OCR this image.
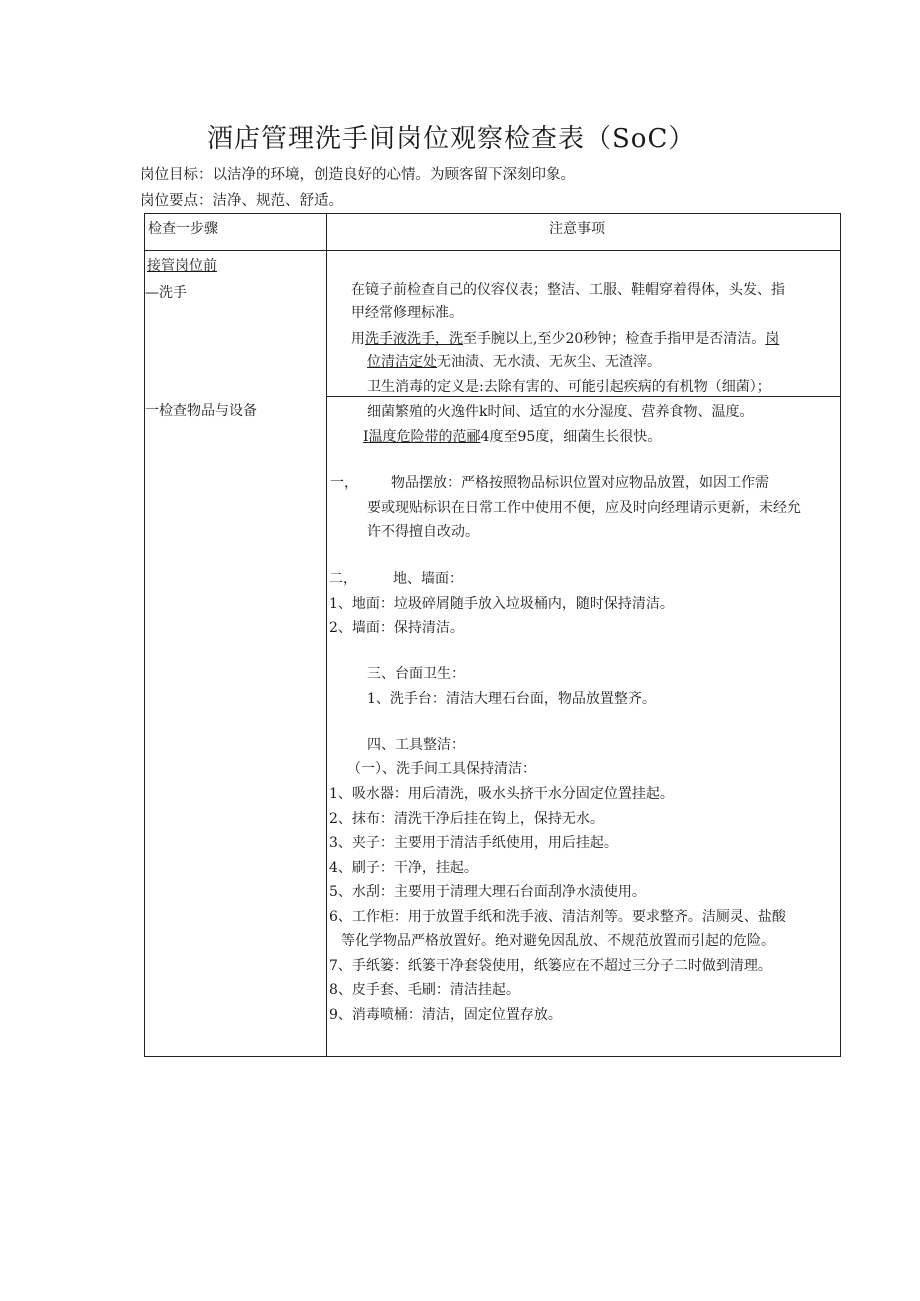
酒店管理洗手间岗位观察检查表（SoC）
岗位目标：以洁净的环境，创造良好的心情。为顾客留下深刻印象。
岗位要点：洁净、规范、舒适。
检查一步骤	注意事项
接管岗位前
—洗手
一检查物品与设备
在镜子前检查自己的仪容仪表；整洁、工服、鞋帽穿着得体，头发、指
甲经常修理标准。
用洗手液洗手，洗至手腕以上,至少20秒钟；检查手指甲是否清洁。岗
位清洁定处无油渍、无水渍、无灰尘、无渣滓。
卫生消毒的定义是:去除有害的、可能引起疾病的有机物（细菌）；
细菌繁殖的火逸件k时间、适宜的水分湿度、营养食物、温度。
I温度危险带的范郦4度至95度，细菌生长很快。
一， 物品摆放：严格按照物品标识位置对应物品放置，如因工作需
要或现贴标识在日常工作中使用不便，应及时向经理请示更新，未经允
许不得擅自改动。
二，	地、墙面：
1、地面：垃圾碎屑随手放入垃圾桶内，随时保持清洁。
2、墙面：保持清洁。
三、台面卫生：
1、洗手台：清洁大理石台面，物品放置整齐。
四、工具整洁：
（一）、洗手间工具保持清洁：
1、吸水器：用后清洗，吸水头挤干水分固定位置挂起。
2、抹布：清洗干净后挂在钩上，保持无水。
3、夹子：主要用于清洁手纸使用，用后挂起。
4、刷子：干净，挂起。
5、水刮：主要用于清理大理石台面刮净水渍使用。
6、工作柜：用于放置手纸和洗手液、清洁剂等。要求整齐。洁厕灵、盐酸
等化学物品严格放置好。绝对避免因乱放、不规范放置而引起的危险。
7、手纸篓：纸篓干净套袋使用，纸篓应在不超过三分子二时做到清理。
8、皮手套、毛刷：清洁挂起。
9、消毒喷桶：清洁，固定位置存放。
